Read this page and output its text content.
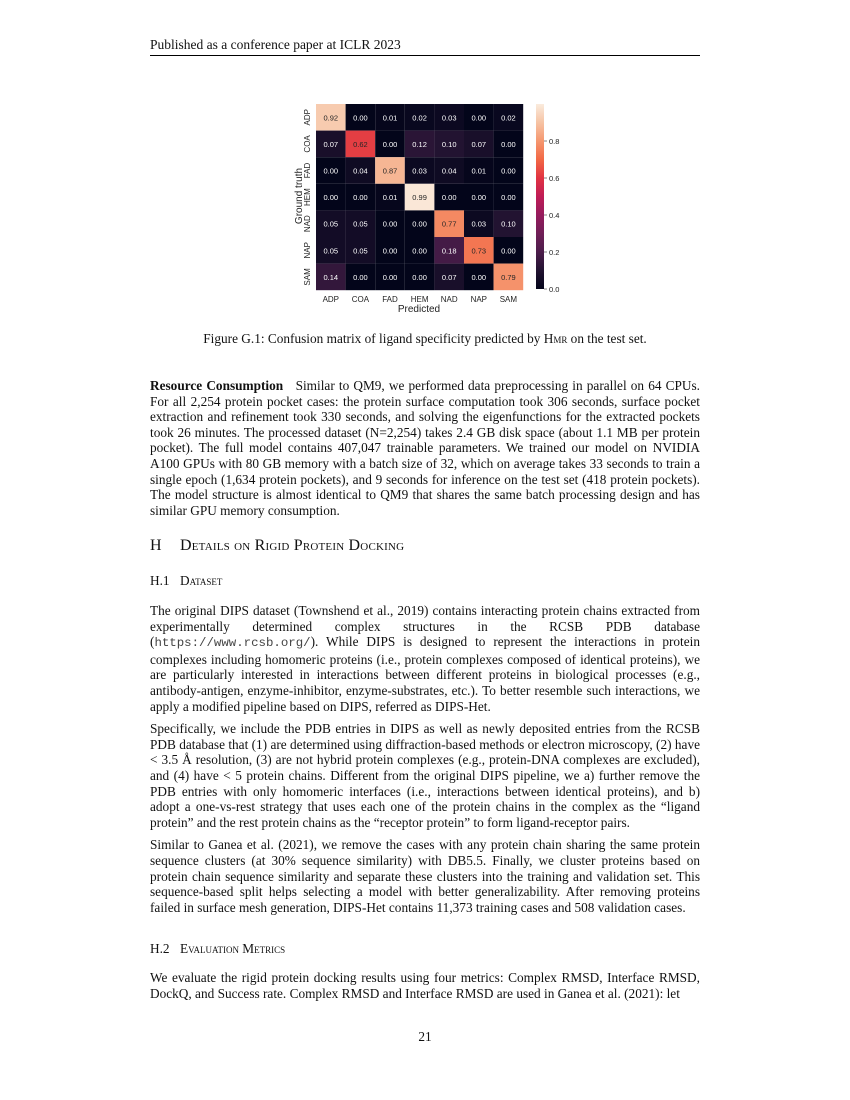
Published as a conference paper at ICLR 2023
0.92 0.00 0.01 0.02 0.03 0.00 0.02
0.07 0.62 0.00 0.12 0.10 0.07 0.00
0.00 0.04 0.87 0.03 0.04 0.01 0.00
0.00 0.00 0.01 0.99 0.00 0.00 0.00
0.05 0.05 0.00 0.00 0.77 0.03 0.10
0.05 0.05 0.00 0.00 0.18 0.73 0.00
0.14 0.00 0.00 0.00 0.07 0.00 0.79
ADP COA FAD HEM NAD NAP SAM
ADP
COA
FAD
HEM
NAD
NAP
SAM
0.8
0.6
0.4
0.2
0.0
Predicted
Ground truth
Figure G.1: Confusion matrix of ligand specificity predicted by Hmr on the test set.

Resource Consumption Similar to QM9, we performed data preprocessing in parallel on 64 CPUs. For all 2,254 protein pocket cases: the protein surface computation took 306 seconds, surface pocket extraction and refinement took 330 seconds, and solving the eigenfunctions for the extracted pockets took 26 minutes. The processed dataset (N=2,254) takes 2.4 GB disk space (about 1.1 MB per protein pocket). The full model contains 407,047 trainable parameters. We trained our model on NVIDIA A100 GPUs with 80 GB memory with a batch size of 32, which on average takes 33 seconds to train a single epoch (1,634 protein pockets), and 9 seconds for inference on the test set (418 protein pockets). The model structure is almost identical to QM9 that shares the same batch processing design and has similar GPU memory consumption.

H Details on Rigid Protein Docking
H.1 Dataset

The original DIPS dataset (Townshend et al., 2019) contains interacting protein chains extracted from experimentally determined complex structures in the RCSB PDB database (https://www.rcsb.org/). While DIPS is designed to represent the interactions in protein complexes including homomeric proteins (i.e., protein complexes composed of identical proteins), we are particularly interested in interactions between different proteins in biological processes (e.g., antibody-antigen, enzyme-inhibitor, enzyme-substrates, etc.). To better resemble such interactions, we apply a modified pipeline based on DIPS, referred as DIPS-Het.

Specifically, we include the PDB entries in DIPS as well as newly deposited entries from the RCSB PDB database that (1) are determined using diffraction-based methods or electron microscopy, (2) have < 3.5 Å resolution, (3) are not hybrid protein complexes (e.g., protein-DNA complexes are excluded), and (4) have < 5 protein chains. Different from the original DIPS pipeline, we a) further remove the PDB entries with only homomeric interfaces (i.e., interactions between identical proteins), and b) adopt a one-vs-rest strategy that uses each one of the protein chains in the complex as the “ligand protein” and the rest protein chains as the “receptor protein” to form ligand-receptor pairs.

Similar to Ganea et al. (2021), we remove the cases with any protein chain sharing the same protein sequence clusters (at 30% sequence similarity) with DB5.5. Finally, we cluster proteins based on protein chain sequence similarity and separate these clusters into the training and validation set. This sequence-based split helps selecting a model with better generalizability. After removing proteins failed in surface mesh generation, DIPS-Het contains 11,373 training cases and 508 validation cases.

H.2 Evaluation Metrics

We evaluate the rigid protein docking results using four metrics: Complex RMSD, Interface RMSD, DockQ, and Success rate. Complex RMSD and Interface RMSD are used in Ganea et al. (2021): let

21
